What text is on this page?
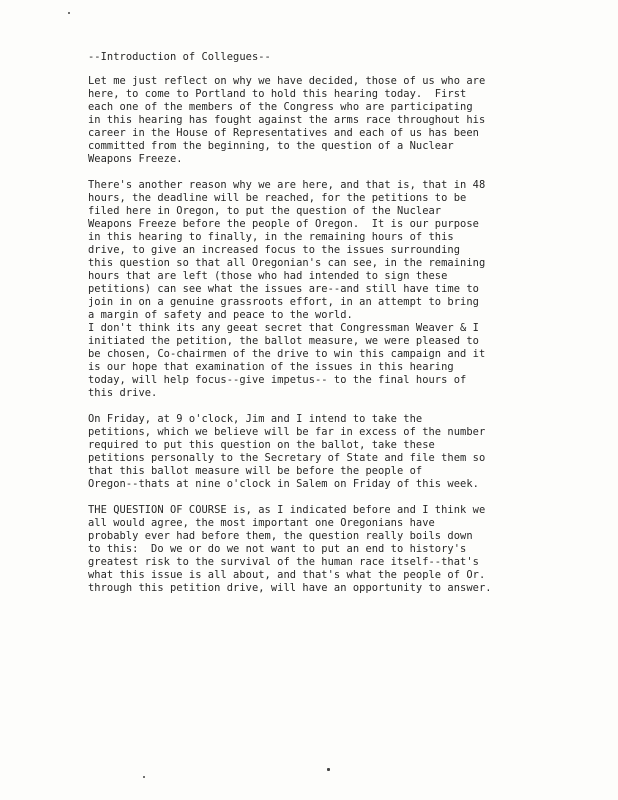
--Introduction of Collegues--
Let me just reflect on why we have decided, those of us who are
here, to come to Portland to hold this hearing today.  First
each one of the members of the Congress who are participating
in this hearing has fought against the arms race throughout his
career in the House of Representatives and each of us has been
committed from the beginning, to the question of a Nuclear
Weapons Freeze.
There's another reason why we are here, and that is, that in 48
hours, the deadline will be reached, for the petitions to be
filed here in Oregon, to put the question of the Nuclear
Weapons Freeze before the people of Oregon.  It is our purpose
in this hearing to finally, in the remaining hours of this
drive, to give an increased focus to the issues surrounding
this question so that all Oregonian's can see, in the remaining
hours that are left (those who had intended to sign these
petitions) can see what the issues are--and still have time to
join in on a genuine grassroots effort, in an attempt to bring
a margin of safety and peace to the world.
I don't think its any geeat secret that Congressman Weaver & I
initiated the petition, the ballot measure, we were pleased to
be chosen, Co-chairmen of the drive to win this campaign and it
is our hope that examination of the issues in this hearing
today, will help focus--give impetus-- to the final hours of
this drive.
On Friday, at 9 o'clock, Jim and I intend to take the
petitions, which we believe will be far in excess of the number
required to put this question on the ballot, take these
petitions personally to the Secretary of State and file them so
that this ballot measure will be before the people of
Oregon--thats at nine o'clock in Salem on Friday of this week.
THE QUESTION OF COURSE is, as I indicated before and I think we
all would agree, the most important one Oregonians have
probably ever had before them, the question really boils down
to this:  Do we or do we not want to put an end to history's
greatest risk to the survival of the human race itself--that's
what this issue is all about, and that's what the people of Or.
through this petition drive, will have an opportunity to answer.
